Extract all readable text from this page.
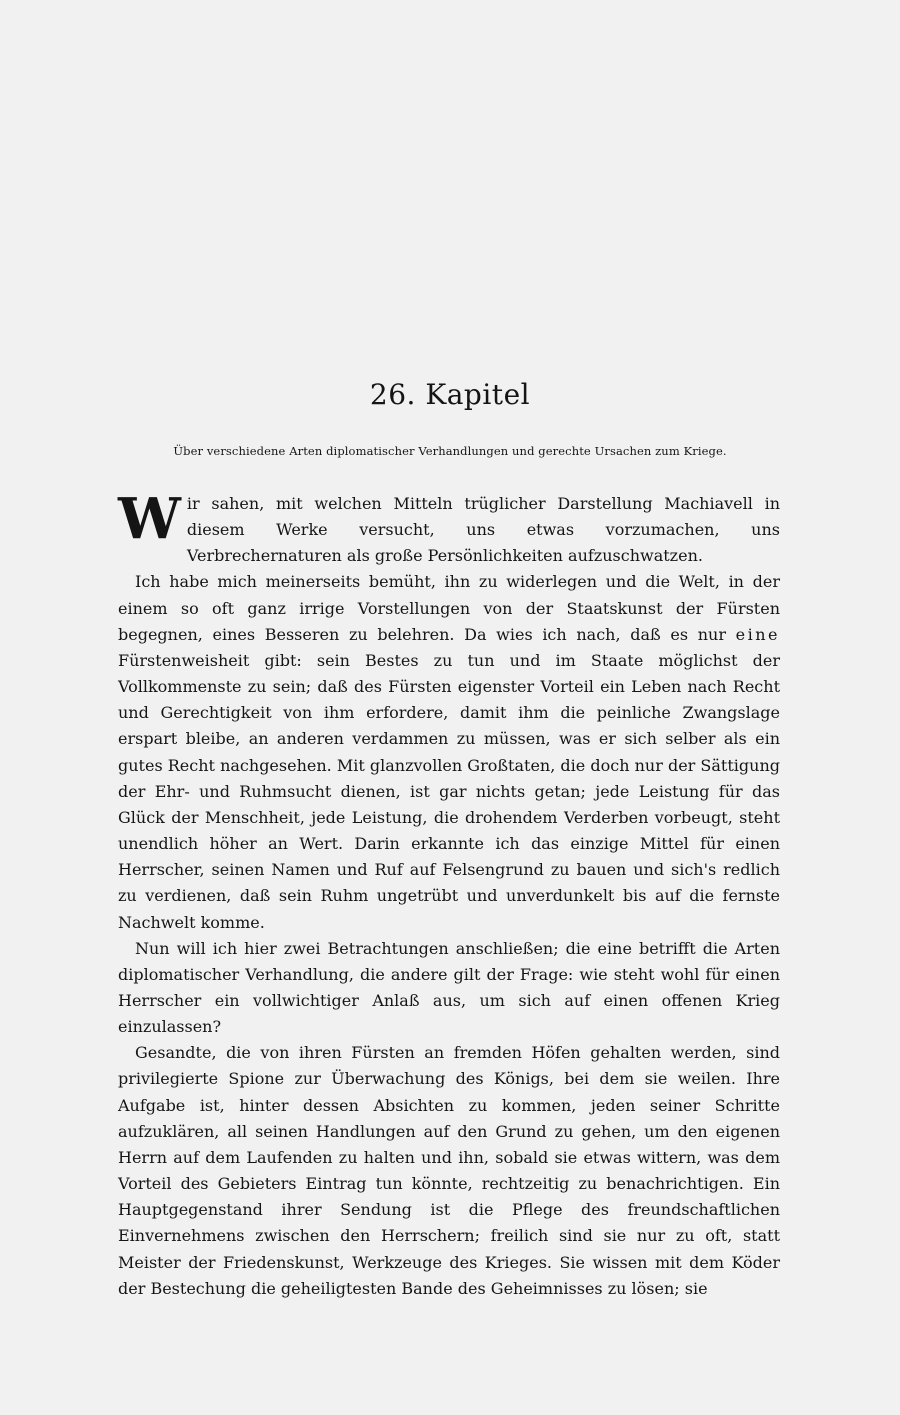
26. Kapitel

Über verschiedene Arten diplomatischer Verhandlungen und gerechte Ursachen zum Kriege.

Wir sahen, mit welchen Mitteln trüglicher Darstellung Machiavell in diesem Werke versucht, uns etwas vorzumachen, uns Verbrechernaturen als große Persönlichkeiten aufzuschwatzen.

Ich habe mich meinerseits bemüht, ihn zu widerlegen und die Welt, in der einem so oft ganz irrige Vorstellungen von der Staatskunst der Fürsten begegnen, eines Besseren zu belehren. Da wies ich nach, daß es nur eine Fürstenweisheit gibt: sein Bestes zu tun und im Staate möglichst der Vollkommenste zu sein; daß des Fürsten eigenster Vorteil ein Leben nach Recht und Gerechtigkeit von ihm erfordere, damit ihm die peinliche Zwangslage erspart bleibe, an anderen verdammen zu müssen, was er sich selber als ein gutes Recht nachgesehen. Mit glanzvollen Großtaten, die doch nur der Sättigung der Ehr- und Ruhmsucht dienen, ist gar nichts getan; jede Leistung für das Glück der Menschheit, jede Leistung, die drohendem Verderben vorbeugt, steht unendlich höher an Wert. Darin erkannte ich das einzige Mittel für einen Herrscher, seinen Namen und Ruf auf Felsengrund zu bauen und sich's redlich zu verdienen, daß sein Ruhm ungetrübt und unverdunkelt bis auf die fernste Nachwelt komme.

Nun will ich hier zwei Betrachtungen anschließen; die eine betrifft die Arten diplomatischer Verhandlung, die andere gilt der Frage: wie steht wohl für einen Herrscher ein vollwichtiger Anlaß aus, um sich auf einen offenen Krieg einzulassen?

Gesandte, die von ihren Fürsten an fremden Höfen gehalten werden, sind privilegierte Spione zur Überwachung des Königs, bei dem sie weilen. Ihre Aufgabe ist, hinter dessen Absichten zu kommen, jeden seiner Schritte aufzuklären, all seinen Handlungen auf den Grund zu gehen, um den eigenen Herrn auf dem Laufenden zu halten und ihn, sobald sie etwas wittern, was dem Vorteil des Gebieters Eintrag tun könnte, rechtzeitig zu benachrichtigen. Ein Hauptgegenstand ihrer Sendung ist die Pflege des freundschaftlichen Einvernehmens zwischen den Herrschern; freilich sind sie nur zu oft, statt Meister der Friedenskunst, Werkzeuge des Krieges. Sie wissen mit dem Köder der Bestechung die geheiligtesten Bande des Geheimnisses zu lösen; sie
